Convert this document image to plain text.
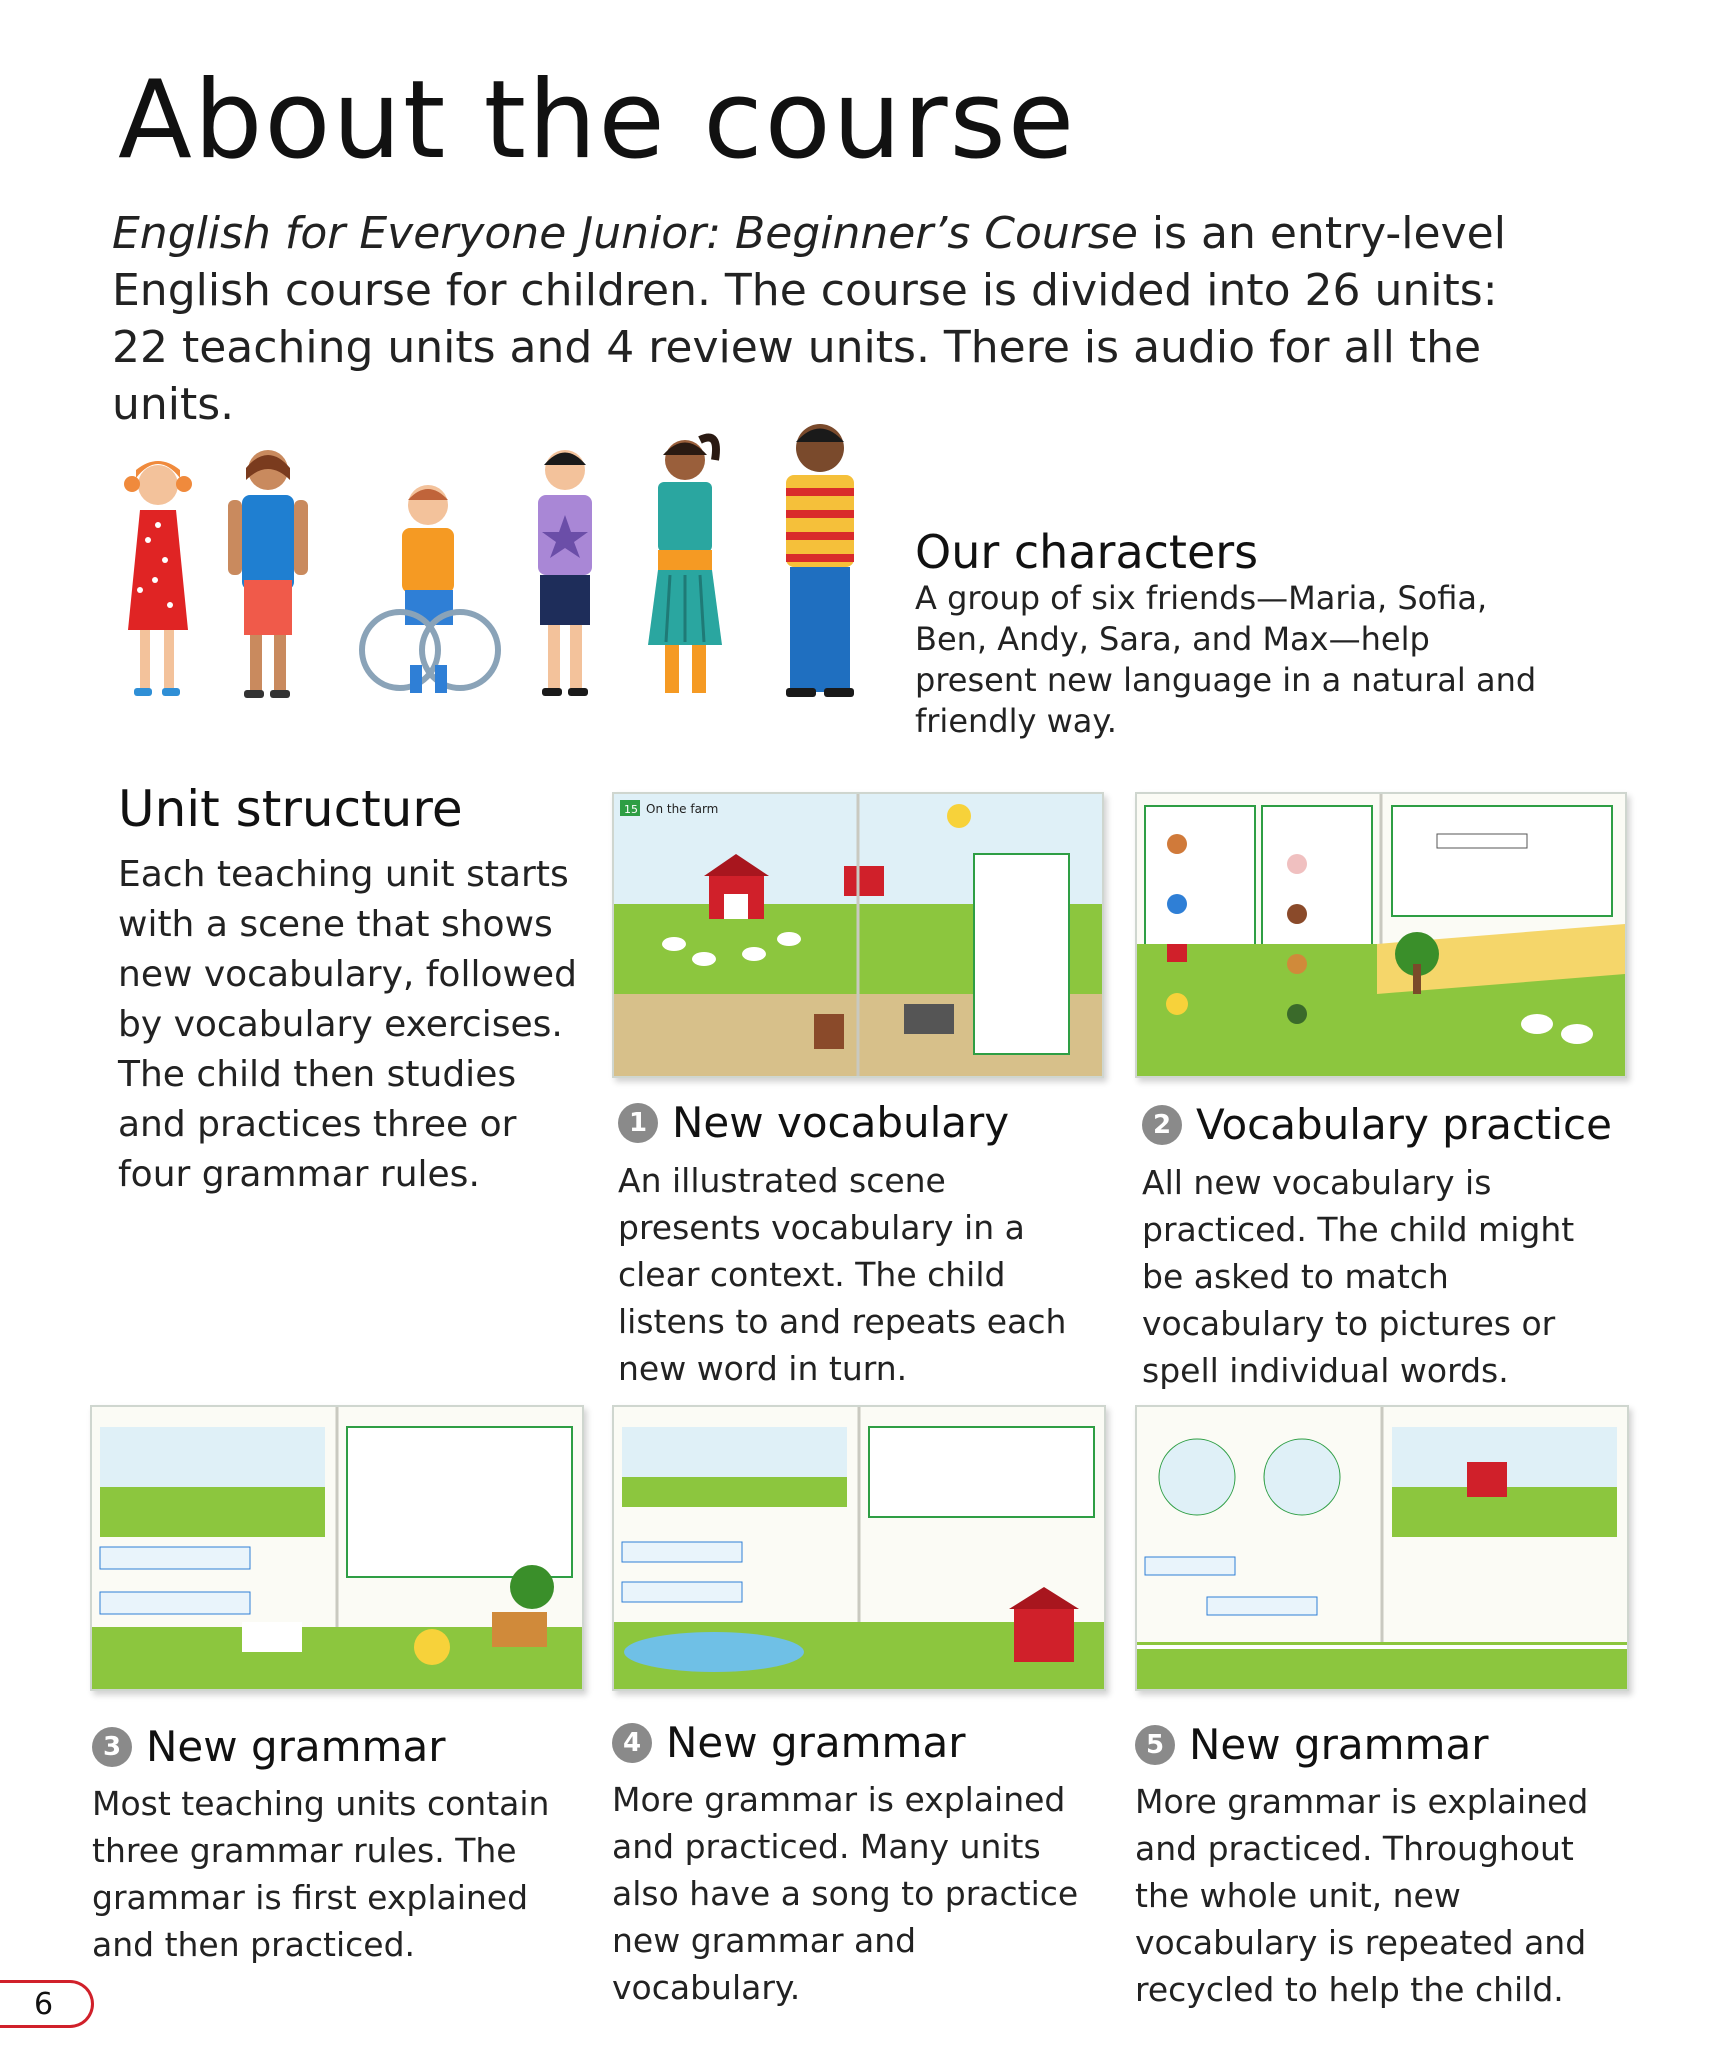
About the course
English for Everyone Junior: Beginner’s Course is an entry-level English course for children. The course is divided into 26 units: 22 teaching units and 4 review units. There is audio for all the units.
Our characters
A group of six friends—Maria, Sofia, Ben, Andy, Sara, and Max—help present new language in a natural and friendly way.
Unit structure
Each teaching unit starts with a scene that shows new vocabulary, followed by vocabulary exercises. The child then studies and practices three or four grammar rules.
15 On the farm
1 New vocabulary
An illustrated scene presents vocabulary in a clear context. The child listens to and repeats each new word in turn.
2 Vocabulary practice
All new vocabulary is practiced. The child might be asked to match vocabulary to pictures or spell individual words.
3 New grammar
Most teaching units contain three grammar rules. The grammar is first explained and then practiced.
4 New grammar
More grammar is explained and practiced. Many units also have a song to practice new grammar and vocabulary.
5 New grammar
More grammar is explained and practiced. Throughout the whole unit, new vocabulary is repeated and recycled to help the child.
6
